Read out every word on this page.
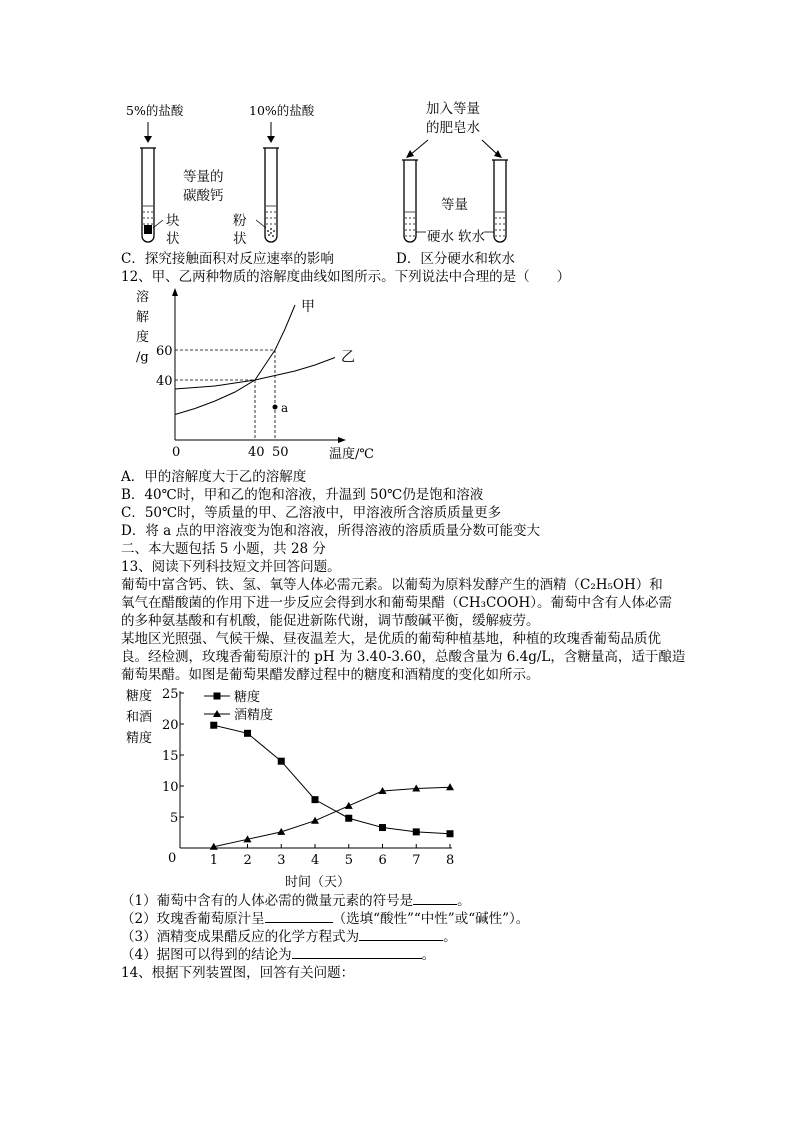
5%的盐酸	10%的盐酸
等量的
碳酸钙
块
状
粉
状
C．探究接触面积对反应速率的影响
加入等量
的肥皂水
等量
硬水 软水
D．区分硬水和软水
12、甲、乙两种物质的溶解度曲线如图所示。下列说法中合理的是（　　）
溶
解
度
/g
温度/℃
0	40 50
40
60
甲
乙
a
A．甲的溶解度大于乙的溶解度
B．40℃时，甲和乙的饱和溶液，升温到 50℃仍是饱和溶液
C．50℃时，等质量的甲、乙溶液中，甲溶液所含溶质质量更多
D．将 a 点的甲溶液变为饱和溶液，所得溶液的溶质质量分数可能变大
二、本大题包括 5 小题，共 28 分
13、阅读下列科技短文并回答问题。
葡萄中富含钙、铁、氢、氧等人体必需元素。以葡萄为原料发酵产生的酒精（C₂H₅OH）和
氧气在醋酸菌的作用下进一步反应会得到水和葡萄果醋（CH₃COOH）。葡萄中含有人体必需
的多种氨基酸和有机酸，能促进新陈代谢，调节酸碱平衡，缓解疲劳。
某地区光照强、气候干燥、昼夜温差大，是优质的葡萄种植基地，种植的玫瑰香葡萄品质优
良。经检测，玫瑰香葡萄原汁的 pH 为 3.40-3.60，总酸含量为 6.4g/L，含糖量高，适于酿造
葡萄果醋。如图是葡萄果醋发酵过程中的糖度和酒精度的变化如所示。
糖度
和酒
精度
0
5
10
15
20
25
1 2 3 4 5 6 7 8
时间（天）
糖度
酒精度
（1）葡萄中含有的人体必需的微量元素的符号是	。
（2）玫瑰香葡萄原汁呈	（选填“酸性”“中性”或“碱性”）。
（3）酒精变成果醋反应的化学方程式为	。
（4）据图可以得到的结论为	。
14、根据下列装置图，回答有关问题：
